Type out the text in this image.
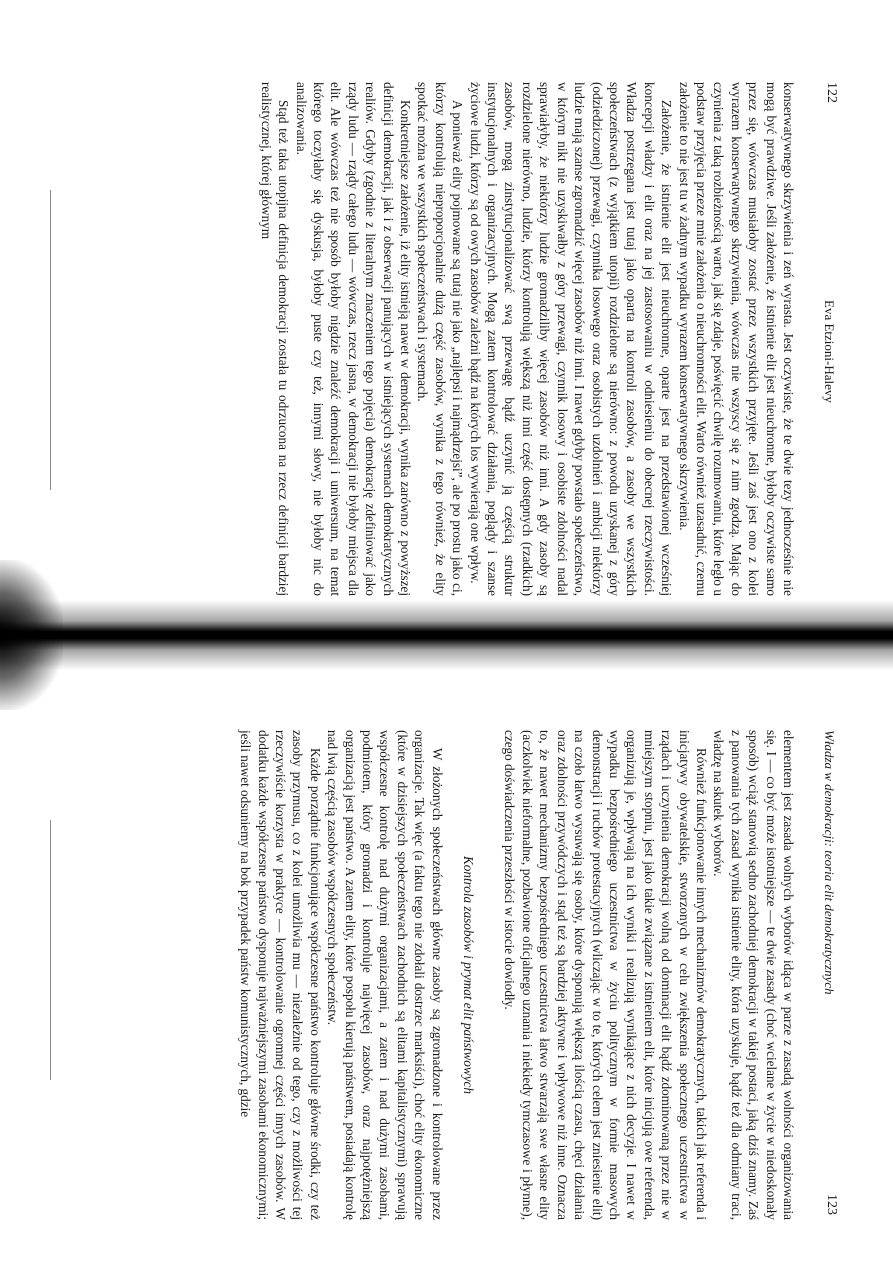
122
Eva Etzioni-Halevy

konserwatywnego skrzywienia i zeń wyrasta. Jest oczywiste, że te dwie tezy jednocześnie nie mogą być prawdziwe. Jeśli założenie, że istnienie elit jest nieuchronne, byłoby oczywiste samo przez się, wówczas musiałoby zostać przez wszystkich przyjęte. Jeśli zaś jest ono z kolei wyrazem konserwatywnego skrzywienia, wówczas nie wszyscy się z nim zgodzą. Mając do czynienia z taką rozbieżnością warto, jak się zdaje, poświęcić chwilę rozumowaniu, które legło u podstaw przyjęcia przeze mnie założenia o nieuchronności elit. Warto również uzasadnić, czemu założenie to nie jest tu w żadnym wypadku wyrazem konserwatywnego skrzywienia.

Założenie, że istnienie elit jest nieuchronne, oparte jest na przedstawionej wcześniej koncepcji władzy i elit oraz na jej zastosowaniu w odniesieniu do obecnej rzeczywistości. Władza postrzegana jest tutaj jako oparta na kontroli zasobów, a zasoby we wszystkich społeczeństwach (z wyjątkiem utopii) rozdzielone są nierówno: z powodu uzyskanej z góry (odziedziczonej) przewagi, czynnika losowego oraz osobistych uzdolnień i ambicji niektórzy ludzie mają szanse zgromadzić więcej zasobów niż inni. I nawet gdyby powstało społeczeństwo, w którym nikt nie uzyskiwałby z góry przewagi, czynnik losowy i osobiste zdolności nadal sprawiałyby, że niektórzy ludzie gromadziliby więcej zasobów niż inni. A gdy zasoby są rozdzielone nierówno, ludzie, którzy kontrolują większą niż inni część dostępnych (rzadkich) zasobów, mogą zinstytucjonalizować swą przewagę bądź uczynić ją częścią struktur instytucjonalnych i organizacyjnych. Mogą zatem kontrolować działania, poglądy i szanse życiowe ludzi, którzy są od owych zasobów zależni bądź na których los wywierają one wpływ.

A ponieważ elity pojmowane są tutaj nie jako „najlepsi i najmądrzejsi”, ale po prostu jako ci, którzy kontrolują nieproporcjonalnie dużą część zasobów, wynika z tego również, że elity spotkać można we wszystkich społeczeństwach i systemach.

Konkretniejsze założenie, iż elity istnieją nawet w demokracji, wynika zarówno z powyższej definicji demokracji, jak i z obserwacji panujących w istniejących systemach demokratycznych realiów. Gdyby (zgodnie z literalnym znaczeniem tego pojęcia) demokrację zdefiniować jako rządy ludu — rządy całego ludu — wówczas, rzecz jasna, w demokracji nie byłoby miejsca dla elit. Ale wówczas też nie sposób byłoby nigdzie znaleźć demokracji i uniwersum, na temat którego toczyłaby się dyskusja, byłoby puste czy też, innymi słowy, nie byłoby nic do analizowania.

Stąd też taka utopijna definicja demokracji została tu odrzucona na rzecz definicji bardziej realistycznej, której głównym

Władza w demokracji: teoria elit demokratycznych
123

elementem jest zasada wolnych wyborów idąca w parze z zasadą wolności organizowania się. I — co być może istotniejsze — te dwie zasady (choć wcielane w życie w niedoskonały sposób) wciąż stanowią sedno zachodniej demokracji w takiej postaci, jaką dziś znamy. Zaś z panowania tych zasad wynika istnienie elity, która uzyskuje, bądź też dla odmiany traci, władzę na skutek wyborów.

Również funkcjonowanie innych mechanizmów demokratycznych, takich jak referenda i inicjatywy obywatelskie, stworzonych w celu zwiększenia społecznego uczestnictwa w rządach i uczynienia demokracji wolną od dominacji elit bądź zdominowaną przez nie w mniejszym stopniu, jest jako takie związane z istnieniem elit, które inicjują owe referenda, organizują je, wpływają na ich wyniki i realizują wynikające z nich decyzje. I nawet w wypadku bezpośredniego uczestnictwa w życiu politycznym w formie masowych demonstracji i ruchów protestacyjnych (wliczając w to te, których celem jest zniesienie elit) na czoło łatwo wysuwają się osoby, które dysponują większą ilością czasu, chęci działania oraz zdolności przywódczych i stąd też są bardziej aktywne i wpływowe niż inne. Oznacza to, że nawet mechanizmy bezpośredniego uczestnictwa łatwo stwarzają swe własne elity (aczkolwiek nieformalne, pozbawione oficjalnego uznania i niekiedy tymczasowe i płynne), czego doświadczenia przeszłości w istocie dowiodły.

Kontrola zasobów i prymat elit państwowych

W złożonych społeczeństwach główne zasoby są zgromadzone i kontrolowane przez organizacje. Tak więc (a faktu tego nie zdołali dostrzec marksiści), choć elity ekonomiczne (które w dzisiejszych społeczeństwach zachodnich są elitami kapitalistycznymi) sprawują współczesne kontrolę nad dużymi organizacjami, a zatem i nad dużymi zasobami, podmiotem, który gromadzi i kontroluje najwięcej zasobów, oraz najpotężniejszą organizacją jest państwo. A zatem elity, które pospołu kierują państwem, posiadają kontrolę nad lwią częścią zasobów współczesnych społeczeństw.

Każde porządnie funkcjonujące współczesne państwo kontroluje główne środki, czy też zasoby przymusu, co z kolei umożliwia mu — niezależnie od tego, czy z możliwości tej rzeczywiście korzysta w praktyce — kontrolowanie ogromnej części innych zasobów. W dodatku każde współczesne państwo dysponuje najważniejszymi zasobami ekonomicznymi; jeśli nawet odsuniemy na bok przypadek państw komunistycznych, gdzie
